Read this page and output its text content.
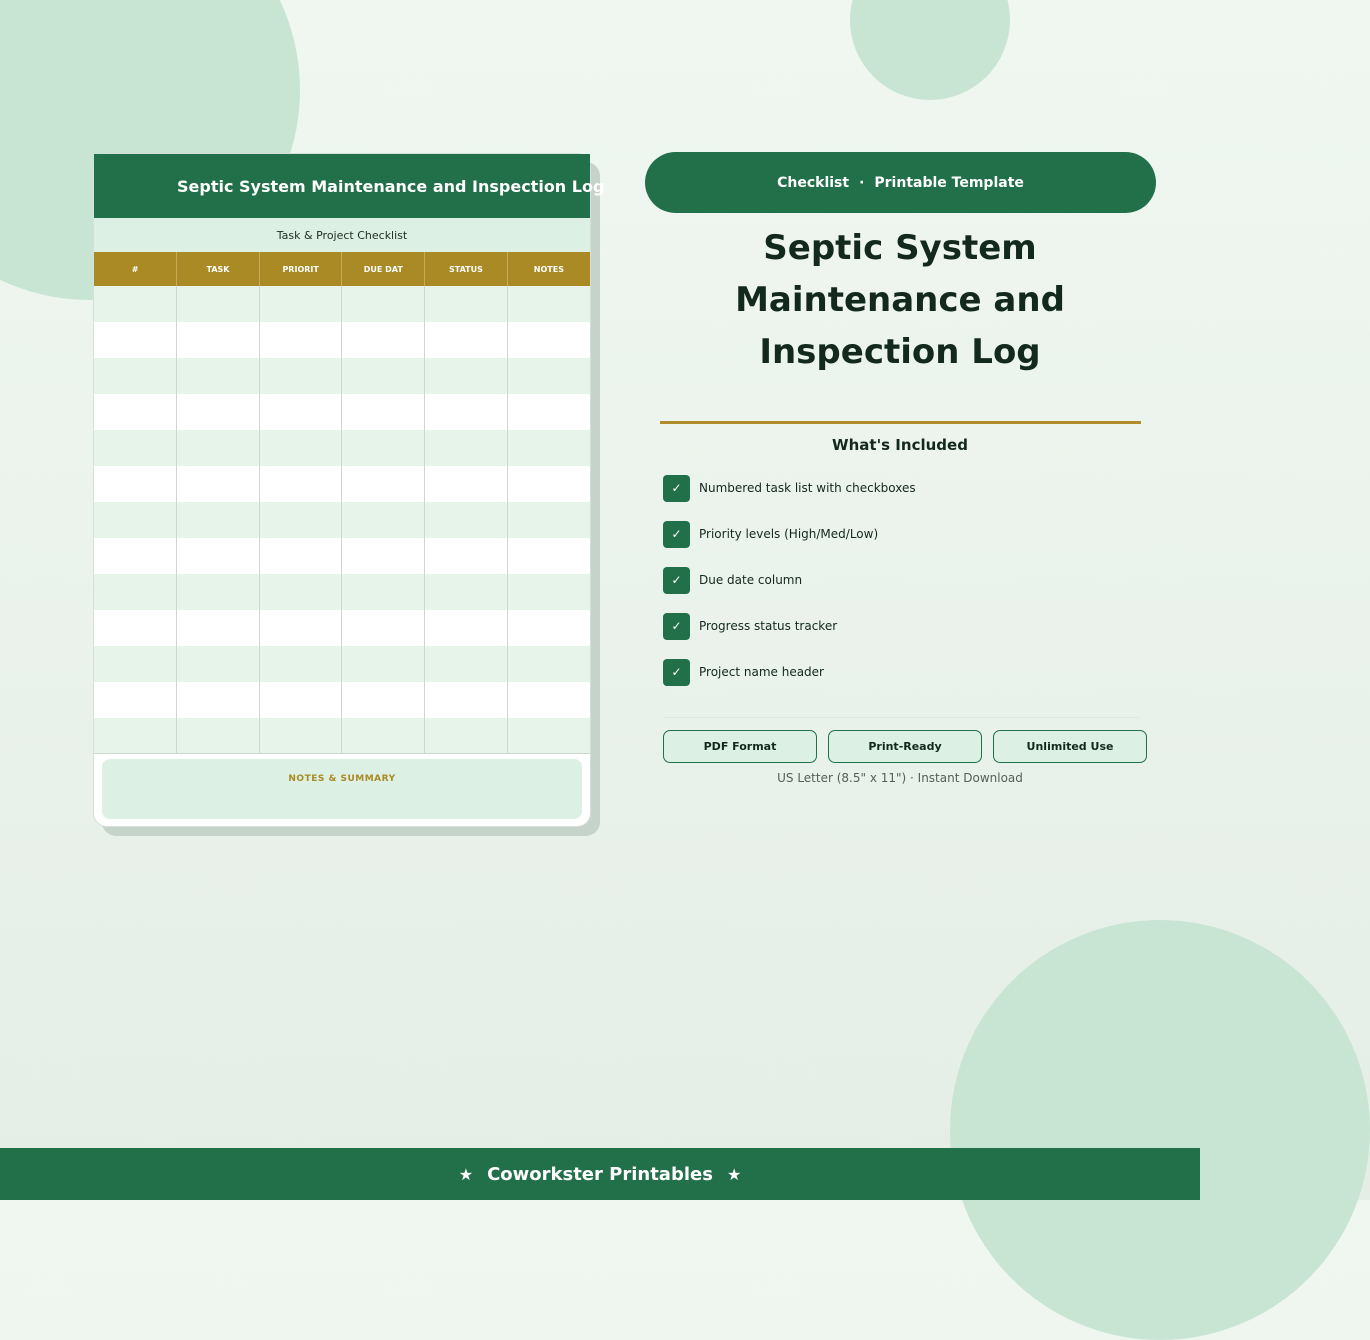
Septic System Maintenance and Inspection Log
Task & Project Checklist
#	TASK	PRIORIT	DUE DAT	STATUS	NOTES

NOTES & SUMMARY
Checklist · Printable Template
Septic System Maintenance and Inspection Log
What's Included
✓	Numbered task list with checkboxes
✓	Priority levels (High/Med/Low)
✓	Due date column
✓	Progress status tracker
✓	Project name header
PDF Format	Print-Ready	Unlimited Use
US Letter (8.5" x 11") · Instant Download
★ Coworkster Printables ★
